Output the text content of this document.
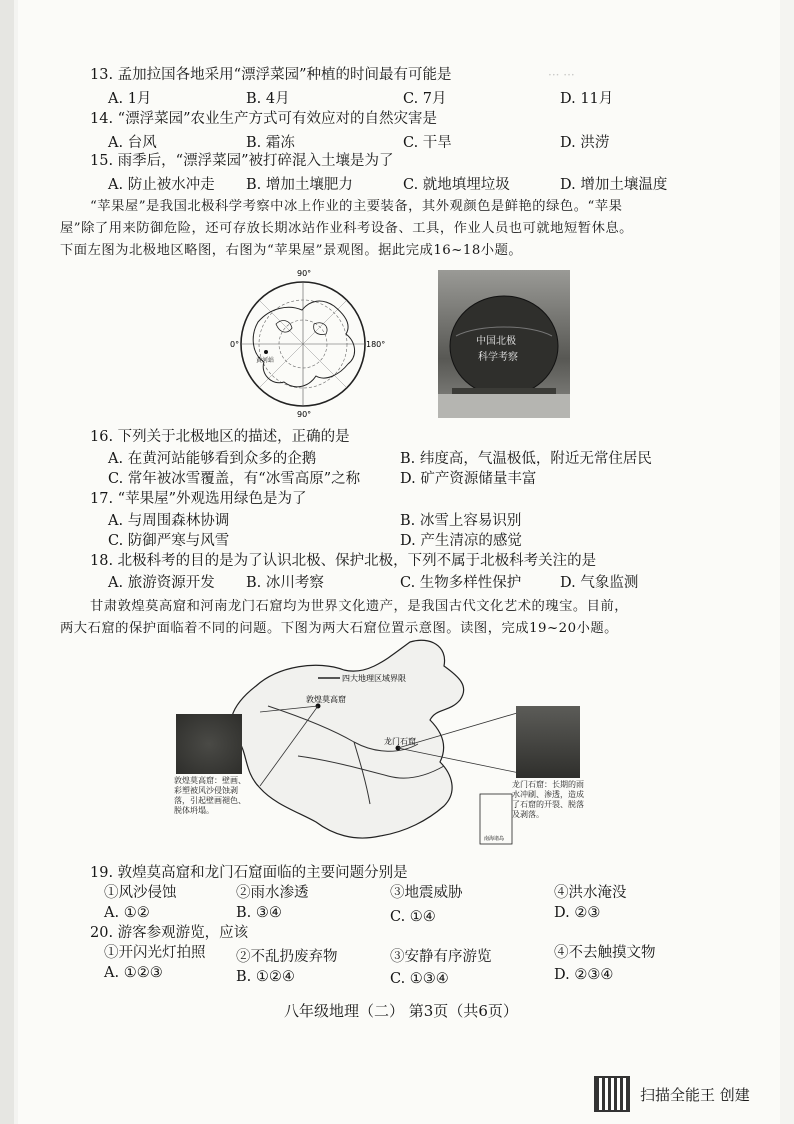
··· ···
13. 孟加拉国各地采用“漂浮菜园”种植的时间最有可能是
A. 1月	B. 4月	C. 7月	D. 11月
14. “漂浮菜园”农业生产方式可有效应对的自然灾害是
A. 台风	B. 霜冻	C. 干旱	D. 洪涝
15. 雨季后，“漂浮菜园”被打碎混入土壤是为了
A. 防止被水冲走 B. 增加土壤肥力	C. 就地填埋垃圾	D. 增加土壤温度
“苹果屋”是我国北极科学考察中冰上作业的主要装备，其外观颜色是鲜艳的绿色。“苹果
屋”除了用来防御危险，还可存放长期冰站作业科考设备、工具，作业人员也可就地短暂休息。
下面左图为北极地区略图，右图为“苹果屋”景观图。据此完成16~18小题。
90°
0°	180°
90°
黄河站
中国北极
科学考察
16. 下列关于北极地区的描述，正确的是
A. 在黄河站能够看到众多的企鹅	B. 纬度高，气温极低，附近无常住居民
C. 常年被冰雪覆盖，有“冰雪高原”之称	D. 矿产资源储量丰富
17. “苹果屋”外观选用绿色是为了
A. 与周围森林协调	B. 冰雪上容易识别
C. 防御严寒与风雪	D. 产生清凉的感觉
18. 北极科考的目的是为了认识北极、保护北极，下列不属于北极科考关注的是
A. 旅游资源开发 B. 冰川考察	C. 生物多样性保护	D. 气象监测
甘肃敦煌莫高窟和河南龙门石窟均为世界文化遗产，是我国古代文化艺术的瑰宝。目前，
两大石窟的保护面临着不同的问题。下图为两大石窟位置示意图。读图，完成19~20小题。
四大地理区域界限
敦煌莫高窟
龙门石窟
南海诸岛
敦煌莫高窟：壁画、彩塑被风沙侵蚀剥落，引起壁画褪色、脱体坍塌。
龙门石窟：长期的雨水冲刷、渗透，造成了石窟的开裂、脱落及剥落。
19. 敦煌莫高窟和龙门石窟面临的主要问题分别是
①风沙侵蚀	②雨水渗透	③地震威胁	④洪水淹没
A. ①②	B. ③④	C. ①④	D. ②③
20. 游客参观游览，应该
①开闪光灯拍照 ②不乱扔废弃物	③安静有序游览	④不去触摸文物
A. ①②③	B. ①②④	C. ①③④	D. ②③④
八年级地理（二） 第3页（共6页）
扫描全能王 创建
